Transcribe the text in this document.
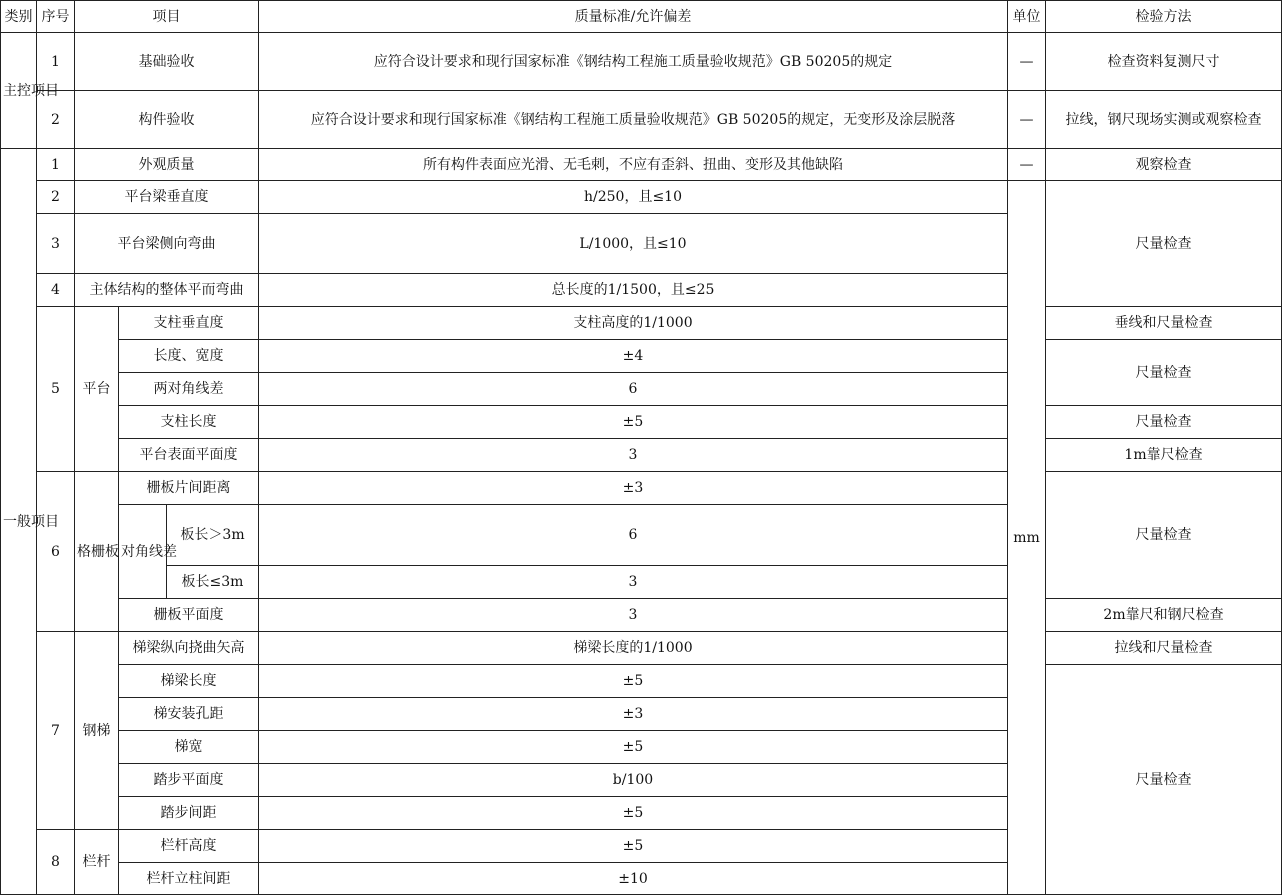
类别	序号	项目			质量标准/允许偏差	单位	检验方法
主控项目	1	基础验收			应符合设计要求和现行国家标准《钢结构工程施工质量验收规范》GB 50205的规定	—	检查资料复测尺寸
	2	构件验收			应符合设计要求和现行国家标准《钢结构工程施工质量验收规范》GB 50205的规定，无变形及涂层脱落	—	拉线，钢尺现场实测或观察检查
一般项目	1	外观质量			所有构件表面应光滑、无毛刺，不应有歪斜、扭曲、变形及其他缺陷	—	观察检查
	2	平台梁垂直度			h/250，且≤10	mm	尺量检查
	3	平台梁侧向弯曲			L/1000，且≤10		
	4	主体结构的整体平而弯曲			总长度的1/1500，且≤25		
	5	平台	支柱垂直度		支柱高度的1/1000		垂线和尺量检查
			长度、宽度		±4		尺量检查
			两对角线差		6		
			支柱长度		±5		尺量检查
			平台表面平面度		3		1m靠尺检查
	6	格栅板	栅板片间距离		±3		尺量检查
			对角线差	板长＞3m	6		
				板长≤3m	3		
			栅板平面度		3		2m靠尺和钢尺检查
	7	钢梯	梯梁纵向挠曲矢高		梯梁长度的1/1000		拉线和尺量检查
			梯梁长度		±5		尺量检查
			梯安装孔距		±3		
			梯宽		±5		
			踏步平面度		b/100		
			踏步间距		±5		
	8	栏杆	栏杆高度		±5		
			栏杆立柱间距		±10		
